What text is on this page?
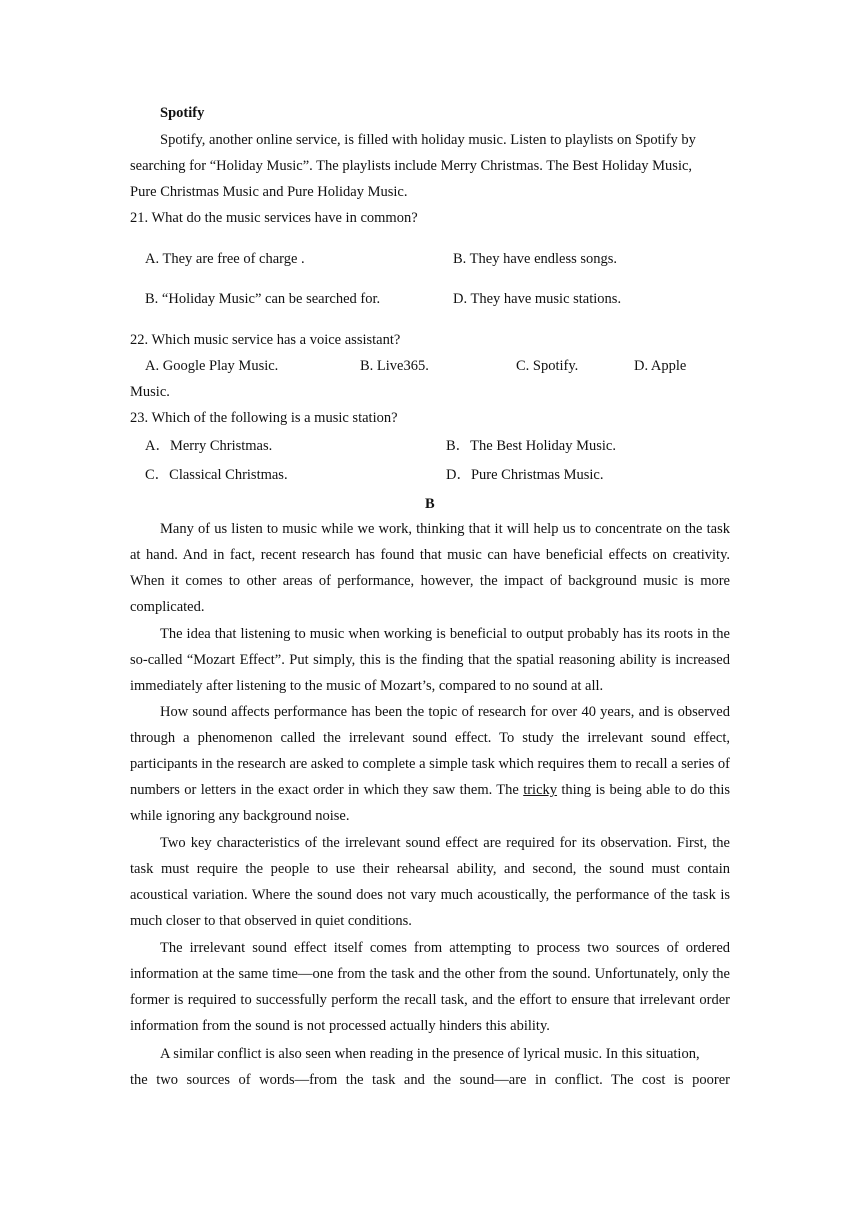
Spotify
Spotify, another online service, is filled with holiday music. Listen to playlists on Spotify by
searching for “Holiday Music”. The playlists include Merry Christmas. The Best Holiday Music,
Pure Christmas Music and Pure Holiday Music.
21. What do the music services have in common?
A. They are free of charge .	B. They have endless songs.
B. “Holiday Music” can be searched for.	D. They have music stations.
22. Which music service has a voice assistant?
A. Google Play Music.	B. Live365.	C. Spotify.	D. Apple
Music.
23. Which of the following is a music station?
A．Merry Christmas.	B．The Best Holiday Music.
C．Classical Christmas.	D．Pure Christmas Music.
B
Many of us listen to music while we work, thinking that it will help us to concentrate on the task at hand. And in fact, recent research has found that music can have beneficial effects on creativity. When it comes to other areas of performance, however, the impact of background music is more complicated.
The idea that listening to music when working is beneficial to output probably has its roots in the so-called “Mozart Effect”. Put simply, this is the finding that the spatial reasoning ability is increased immediately after listening to the music of Mozart’s, compared to no sound at all.
How sound affects performance has been the topic of research for over 40 years, and is observed through a phenomenon called the irrelevant sound effect. To study the irrelevant sound effect, participants in the research are asked to complete a simple task which requires them to recall a series of numbers or letters in the exact order in which they saw them. The tricky thing is being able to do this while ignoring any background noise.
Two key characteristics of the irrelevant sound effect are required for its observation. First, the task must require the people to use their rehearsal ability, and second, the sound must contain acoustical variation. Where the sound does not vary much acoustically, the performance of the task is much closer to that observed in quiet conditions.
The irrelevant sound effect itself comes from attempting to process two sources of ordered information at the same time—one from the task and the other from the sound. Unfortunately, only the former is required to successfully perform the recall task, and the effort to ensure that irrelevant order information from the sound is not processed actually hinders this ability.
A similar conflict is also seen when reading in the presence of lyrical music. In this situation,
the two sources of words—from the task and the sound—are in conflict. The cost is poorer
